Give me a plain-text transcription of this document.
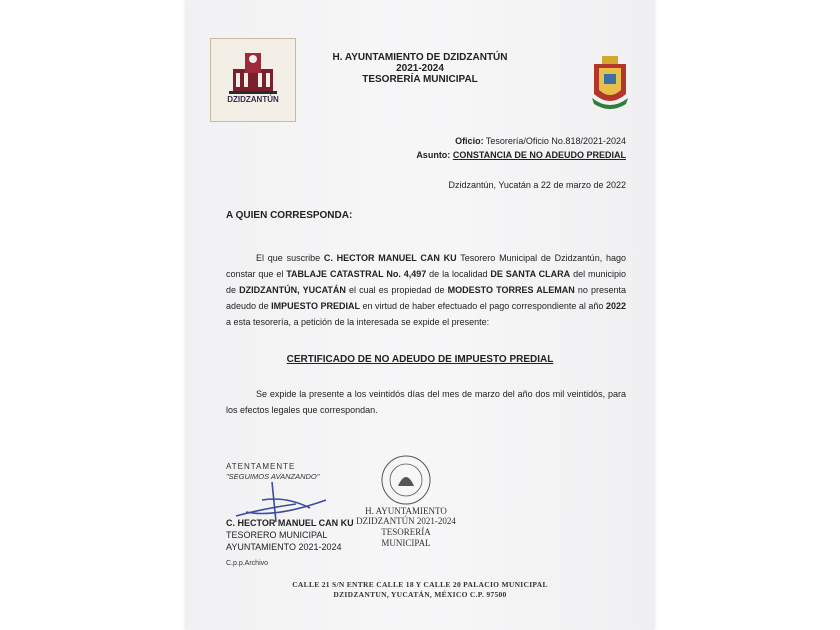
DZIDZANTÚN
H. AYUNTAMIENTO DE DZIDZANTÚN
2021-2024
TESORERÍA MUNICIPAL
Oficio: Tesorería/Oficio No.818/2021-2024
Asunto: CONSTANCIA DE NO ADEUDO PREDIAL
Dzidzantún, Yucatán a 22 de marzo de 2022
A QUIEN CORRESPONDA:
El que suscribe C. HECTOR MANUEL CAN KU Tesorero Municipal de Dzidzantún, hago constar que el TABLAJE CATASTRAL No. 4,497 de la localidad DE SANTA CLARA del municipio de DZIDZANTÚN, YUCATÁN el cual es propiedad de MODESTO TORRES ALEMAN no presenta adeudo de IMPUESTO PREDIAL en virtud de haber efectuado el pago correspondiente al año 2022 a esta tesorería, a petición de la interesada se expide el presente:
CERTIFICADO DE NO ADEUDO DE IMPUESTO PREDIAL
Se expide la presente a los veintidós días del mes de marzo del año dos mil veintidós, para los efectos legales que correspondan.
ATENTAMENTE
"SEGUIMOS AVANZANDO"
C. HECTOR MANUEL CAN KU
TESORERO MUNICIPAL
AYUNTAMIENTO 2021-2024
C.p.p.Archivo
H. AYUNTAMIENTO
DZIDZANTÚN 2021-2024
TESORERÍA
MUNICIPAL
CALLE 21 S/N ENTRE CALLE 18 Y CALLE 20 PALACIO MUNICIPAL
DZIDZANTUN, YUCATÁN, MÉXICO C.P. 97500
